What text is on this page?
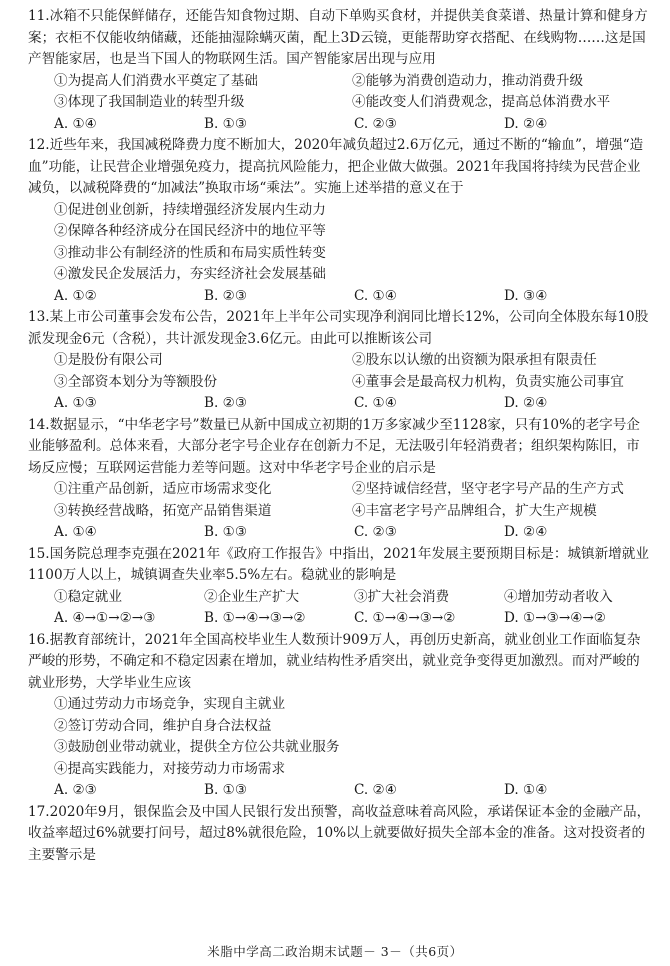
11.冰箱不只能保鲜储存，还能告知食物过期、自动下单购买食材，并提供美食菜谱、热量计算和健身方案；衣柜不仅能收纳储藏，还能抽湿除螨灭菌，配上3D云镜，更能帮助穿衣搭配、在线购物……这是国产智能家居，也是当下国人的物联网生活。国产智能家居出现与应用

①为提高人们消费水平奠定了基础	②能够为消费创造动力，推动消费升级
③体现了我国制造业的转型升级	④能改变人们消费观念，提高总体消费水平
A. ①④	B. ①③	C. ②③	D. ②④

12.近些年来，我国减税降费力度不断加大，2020年减负超过2.6万亿元，通过不断的“输血”，增强“造血”功能，让民营企业增强免疫力，提高抗风险能力，把企业做大做强。2021年我国将持续为民营企业减负，以减税降费的“加减法”换取市场“乘法”。实施上述举措的意义在于

①促进创业创新，持续增强经济发展内生动力

②保障各种经济成分在国民经济中的地位平等

③推动非公有制经济的性质和布局实质性转变

④激发民企发展活力，夯实经济社会发展基础

A. ①②	B. ②③	C. ①④	D. ③④

13.某上市公司董事会发布公告，2021年上半年公司实现净利润同比增长12%，公司向全体股东每10股派发现金6元（含税），共计派发现金3.6亿元。由此可以推断该公司

①是股份有限公司	②股东以认缴的出资额为限承担有限责任
③全部资本划分为等额股份	④董事会是最高权力机构，负责实施公司事宜
A. ①③	B. ②③	C. ①④	D. ②④

14.数据显示，“中华老字号”数量已从新中国成立初期的1万多家减少至1128家，只有10%的老字号企业能够盈利。总体来看，大部分老字号企业存在创新力不足，无法吸引年轻消费者；组织架构陈旧，市场反应慢；互联网运营能力差等问题。这对中华老字号企业的启示是

①注重产品创新，适应市场需求变化	②坚持诚信经营，坚守老字号产品的生产方式
③转换经营战略，拓宽产品销售渠道	④丰富老字号产品牌组合，扩大生产规模
A. ①④	B. ①③	C. ②③	D. ②④

15.国务院总理李克强在2021年《政府工作报告》中指出，2021年发展主要预期目标是：城镇新增就业1100万人以上，城镇调查失业率5.5%左右。稳就业的影响是

①稳定就业	②企业生产扩大	③扩大社会消费	④增加劳动者收入
A. ④→①→②→③	B. ①→④→③→②	C. ①→④→③→②	D. ①→③→④→②

16.据教育部统计，2021年全国高校毕业生人数预计909万人，再创历史新高，就业创业工作面临复杂严峻的形势，不确定和不稳定因素在增加，就业结构性矛盾突出，就业竞争变得更加激烈。而对严峻的就业形势，大学毕业生应该

①通过劳动力市场竞争，实现自主就业

②签订劳动合同，维护自身合法权益

③鼓励创业带动就业，提供全方位公共就业服务

④提高实践能力，对接劳动力市场需求

A. ②③	B. ①③	C. ②④	D. ①④

17.2020年9月，银保监会及中国人民银行发出预警，高收益意味着高风险，承诺保证本金的金融产品，收益率超过6%就要打问号，超过8%就很危险，10%以上就要做好损失全部本金的准备。这对投资者的主要警示是

米脂中学高二政治期末试题－ 3－（共6页）
